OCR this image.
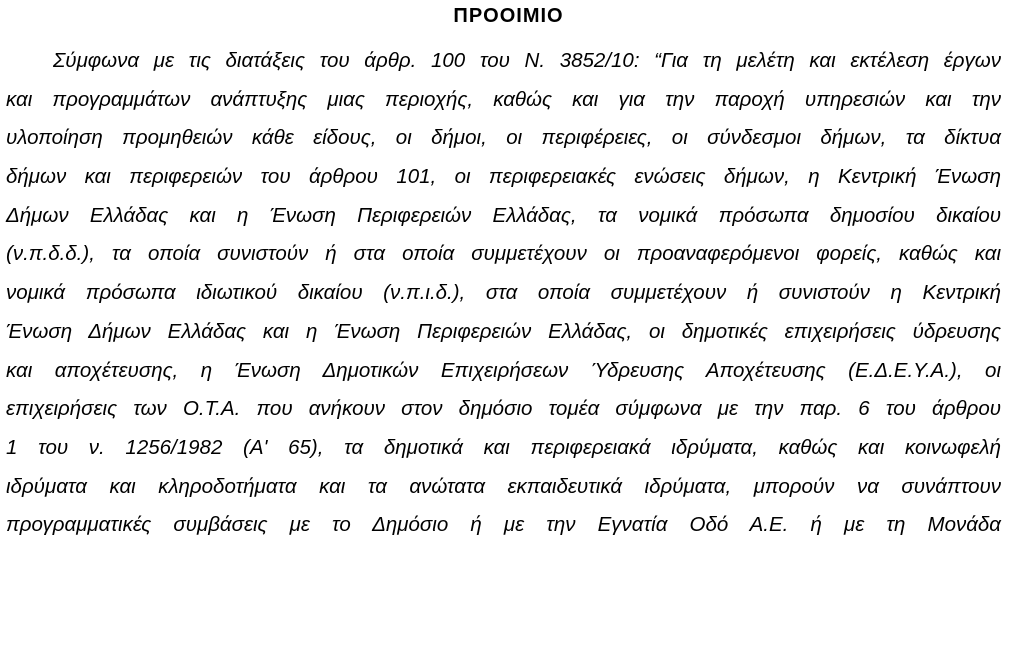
ΠΡΟΟΙΜΙΟ
Σύμφωνα με τις διατάξεις του άρθρ. 100 του Ν. 3852/10: “Για τη μελέτη και εκτέλεση έργων
και προγραμμάτων ανάπτυξης μιας περιοχής, καθώς και για την παροχή υπηρεσιών και την
υλοποίηση προμηθειών κάθε είδους, οι δήμοι, οι περιφέρειες, οι σύνδεσμοι δήμων, τα δίκτυα
δήμων και περιφερειών του άρθρου 101, οι περιφερειακές ενώσεις δήμων, η Κεντρική Ένωση
Δήμων Ελλάδας και η Ένωση Περιφερειών Ελλάδας, τα νομικά πρόσωπα δημοσίου δικαίου
(ν.π.δ.δ.), τα οποία συνιστούν ή στα οποία συμμετέχουν οι προαναφερόμενοι φορείς, καθώς και
νομικά πρόσωπα ιδιωτικού δικαίου (ν.π.ι.δ.), στα οποία συμμετέχουν ή συνιστούν η Κεντρική
Ένωση Δήμων Ελλάδας και η Ένωση Περιφερειών Ελλάδας, οι δημοτικές επιχειρήσεις ύδρευσης
και αποχέτευσης, η Ένωση Δημοτικών Επιχειρήσεων Ύδρευσης Αποχέτευσης (Ε.Δ.Ε.Υ.Α.), οι
επιχειρήσεις των Ο.Τ.Α. που ανήκουν στον δημόσιο τομέα σύμφωνα με την παρ. 6 του άρθρου
1 του ν. 1256/1982 (Α' 65), τα δημοτικά και περιφερειακά ιδρύματα, καθώς και κοινωφελή
ιδρύματα και κληροδοτήματα και τα ανώτατα εκπαιδευτικά ιδρύματα, μπορούν να συνάπτουν
προγραμματικές συμβάσεις με το Δημόσιο ή με την Εγνατία Οδό Α.Ε. ή με τη Μονάδα
